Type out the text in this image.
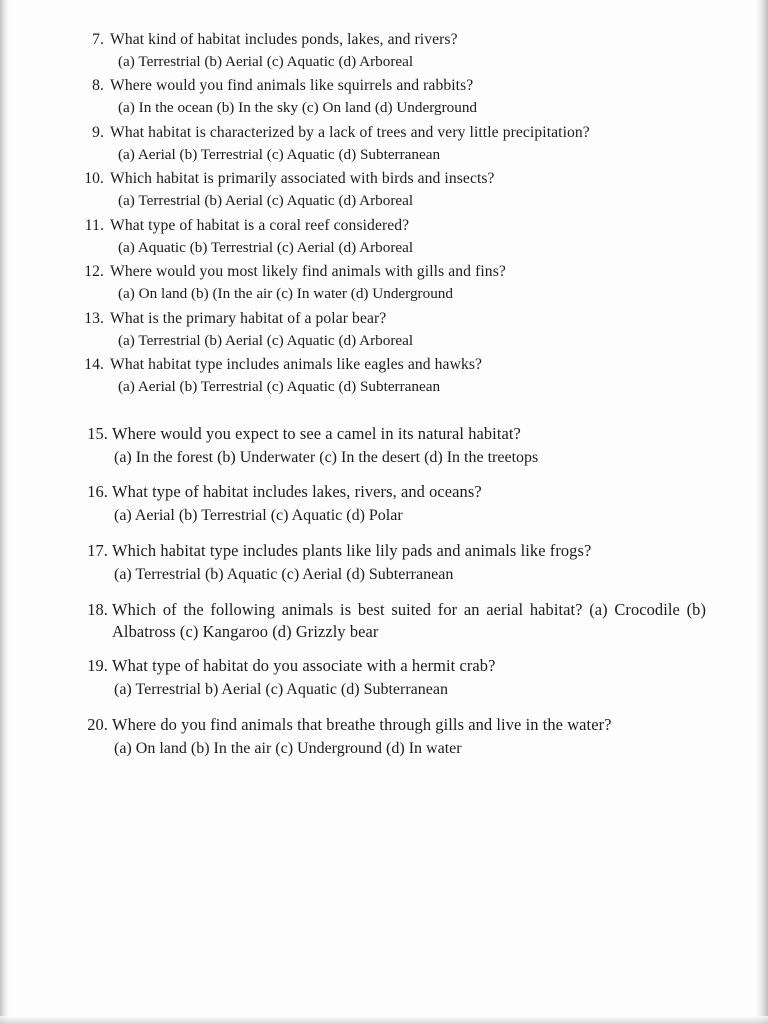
7. What kind of habitat includes ponds, lakes, and rivers?
(a) Terrestrial (b) Aerial (c) Aquatic (d) Arboreal
8. Where would you find animals like squirrels and rabbits?
(a) In the ocean (b) In the sky (c) On land (d) Underground
9. What habitat is characterized by a lack of trees and very little precipitation?
(a) Aerial (b) Terrestrial (c) Aquatic (d) Subterranean
10. Which habitat is primarily associated with birds and insects?
(a) Terrestrial (b) Aerial (c) Aquatic (d) Arboreal
11. What type of habitat is a coral reef considered?
(a) Aquatic (b) Terrestrial (c) Aerial (d) Arboreal
12. Where would you most likely find animals with gills and fins?
(a) On land (b) (In the air (c) In water (d) Underground
13. What is the primary habitat of a polar bear?
(a) Terrestrial (b) Aerial (c) Aquatic (d) Arboreal
14. What habitat type includes animals like eagles and hawks?
(a) Aerial (b) Terrestrial (c) Aquatic (d) Subterranean
15. Where would you expect to see a camel in its natural habitat?
(a) In the forest (b) Underwater (c) In the desert (d) In the treetops
16. What type of habitat includes lakes, rivers, and oceans?
(a) Aerial (b) Terrestrial (c) Aquatic (d) Polar
17. Which habitat type includes plants like lily pads and animals like frogs?
(a) Terrestrial (b) Aquatic (c) Aerial (d) Subterranean
18. Which of the following animals is best suited for an aerial habitat? (a) Crocodile (b) Albatross (c) Kangaroo (d) Grizzly bear
19. What type of habitat do you associate with a hermit crab?
(a) Terrestrial b) Aerial (c) Aquatic (d) Subterranean
20. Where do you find animals that breathe through gills and live in the water?
(a) On land (b) In the air (c) Underground (d) In water
